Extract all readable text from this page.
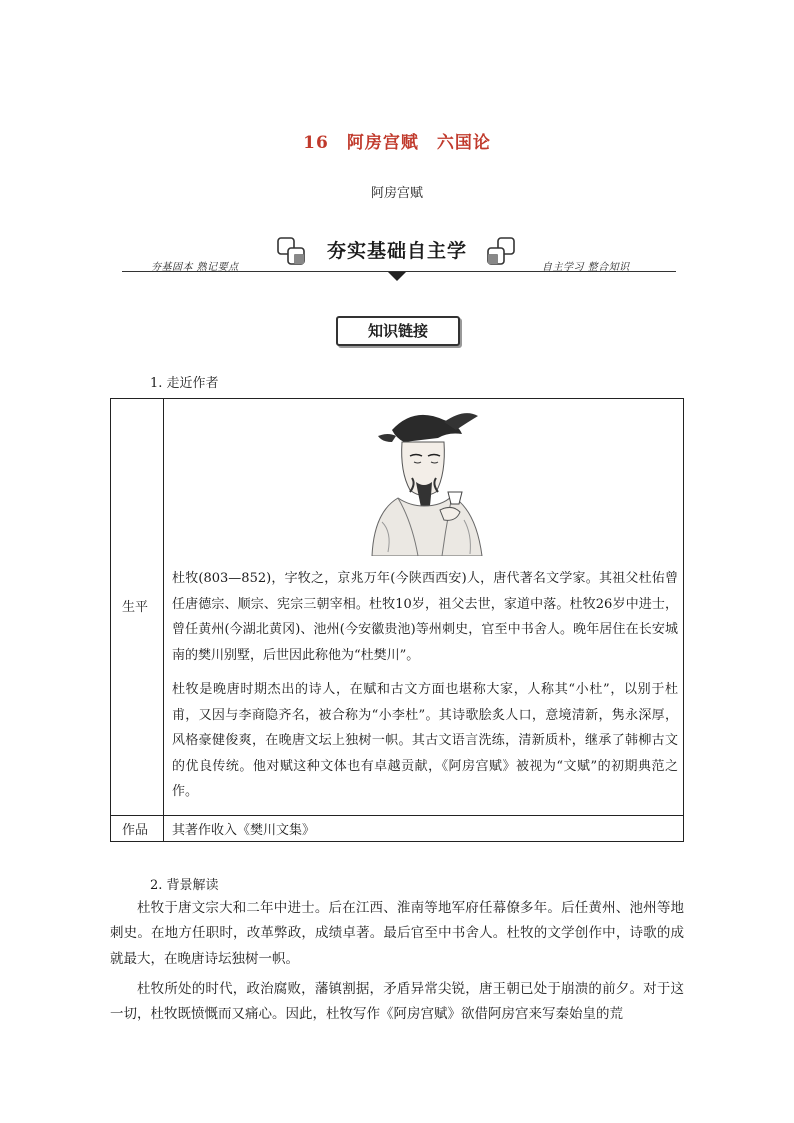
16 阿房宫赋 六国论
阿房宫赋
夯基固本 熟记要点	自主学习 整合知识
夯实基础自主学
知识链接
1. 走近作者
生平
杜牧(803—852)，字牧之，京兆万年(今陕西西安)人，唐代著名文学家。其祖父杜佑曾任唐德宗、顺宗、宪宗三朝宰相。杜牧10岁，祖父去世，家道中落。杜牧26岁中进士，曾任黄州(今湖北黄冈)、池州(今安徽贵池)等州刺史，官至中书舍人。晚年居住在长安城南的樊川别墅，后世因此称他为“杜樊川”。
杜牧是晚唐时期杰出的诗人，在赋和古文方面也堪称大家，人称其“小杜”，以别于杜甫，又因与李商隐齐名，被合称为“小李杜”。其诗歌脍炙人口，意境清新，隽永深厚，风格豪健俊爽，在晚唐文坛上独树一帜。其古文语言洗练，清新质朴，继承了韩柳古文的优良传统。他对赋这种文体也有卓越贡献，《阿房宫赋》被视为“文赋”的初期典范之作。
作品 其著作收入《樊川文集》
2. 背景解读
杜牧于唐文宗大和二年中进士。后在江西、淮南等地军府任幕僚多年。后任黄州、池州等地刺史。在地方任职时，改革弊政，成绩卓著。最后官至中书舍人。杜牧的文学创作中，诗歌的成就最大，在晚唐诗坛独树一帜。
杜牧所处的时代，政治腐败，藩镇割据，矛盾异常尖锐，唐王朝已处于崩溃的前夕。对于这一切，杜牧既愤慨而又痛心。因此，杜牧写作《阿房宫赋》欲借阿房宫来写秦始皇的荒
